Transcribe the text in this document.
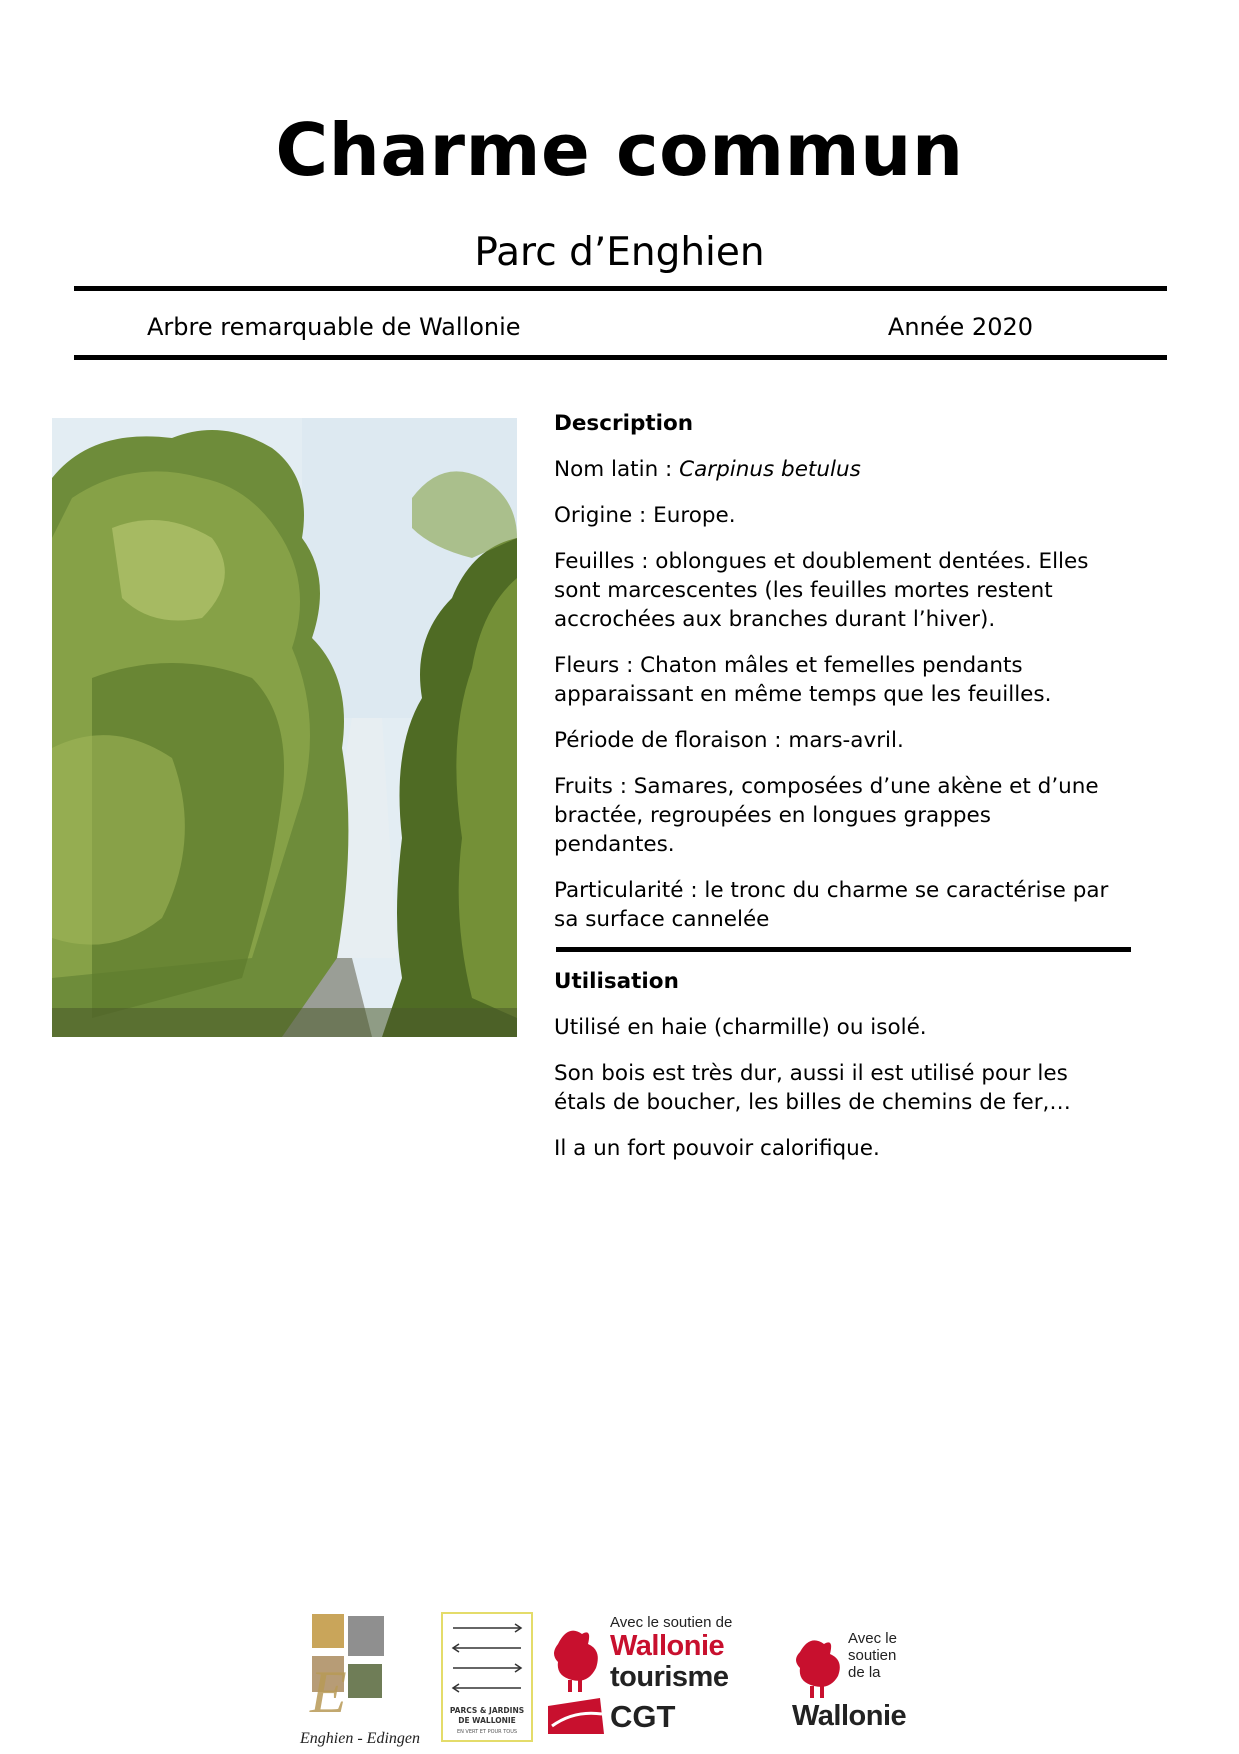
Charme commun
Parc d’Enghien
Arbre remarquable de Wallonie	Année 2020
Description

Nom latin : Carpinus betulus

Origine : Europe.

Feuilles : oblongues et doublement dentées. Elles sont marcescentes (les feuilles mortes restent accrochées aux branches durant l’hiver).

Fleurs : Chaton mâles et femelles pendants apparaissant en même temps que les feuilles.

Période de floraison : mars-avril.

Fruits : Samares, composées d’une akène et d’une bractée, regroupées en longues grappes pendantes.

Particularité : le tronc du charme se caractérise par sa surface cannelée

Utilisation

Utilisé en haie (charmille) ou isolé.

Son bois est très dur, aussi il est utilisé pour les étals de boucher, les billes de chemins de fer,…

Il a un fort pouvoir calorifique.

E
Enghien - Edingen
PARCS & JARDINS
DE WALLONIE
EN VERT ET POUR TOUS
Avec le soutien de
Wallonie
tourisme
CGT
Avec le
soutien
de la
Wallonie
